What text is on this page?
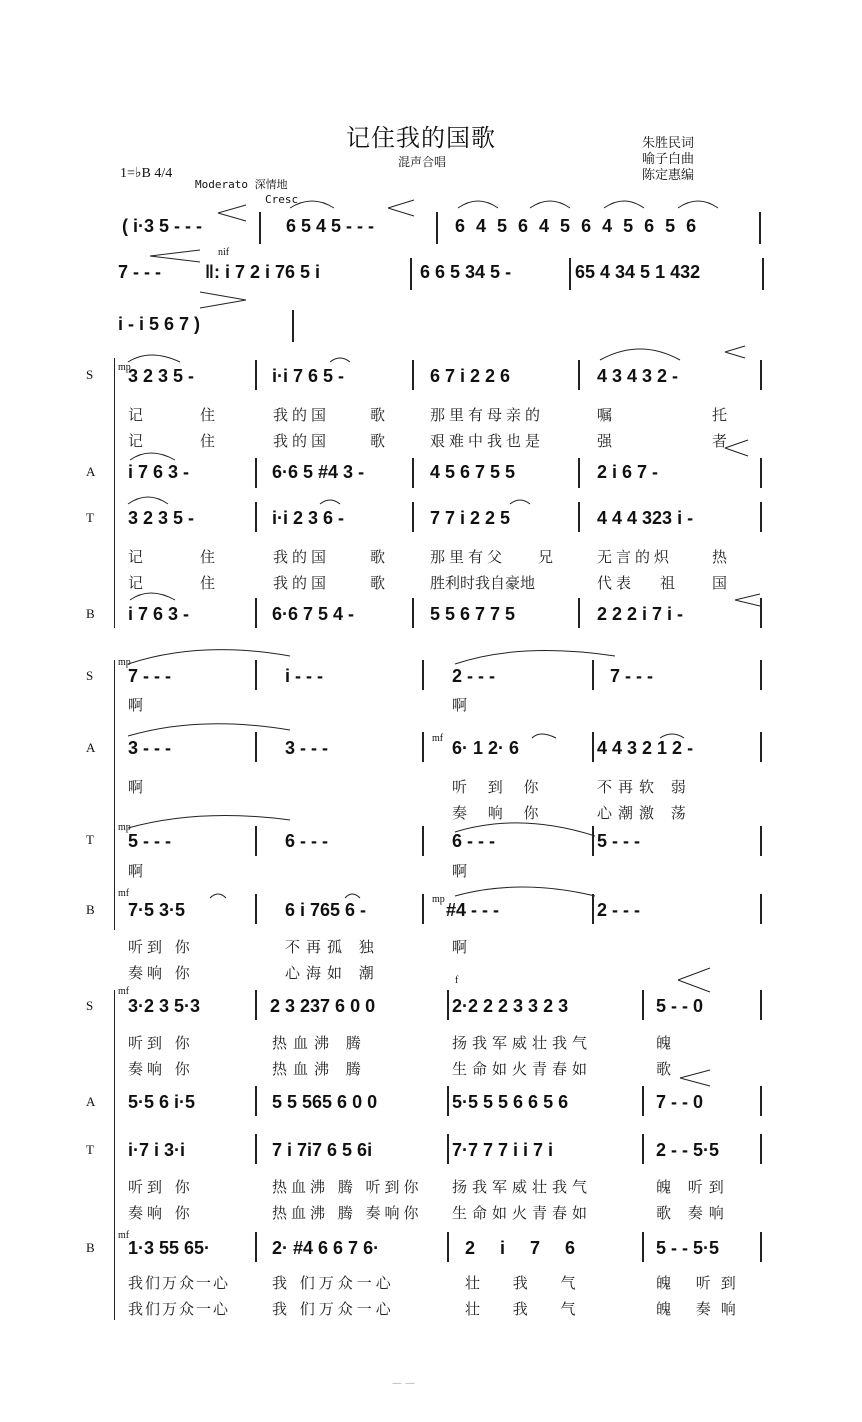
记住我的国歌
混声合唱
朱胜民词
喻子白曲
陈定惠编
1=♭B 4/4
Moderato 深情地
Cresc
( i·3 5 - - -	6 5 4 5 - - -	6 4 5 6 4 5 6 4 5 6 5 6
nif
7 - - - ‖: i 7 2 i 76 5 i	6 6 5 34 5 -	65 4 34 5 1 432
i - i 5 6 7 )
S mp
3 2 3 5 -	i·i 7 6 5 -	6 7 i 2 2 6	4 3 4 3 2 -
记	住	我的国	歌	那里有母亲的	嘱	托
记	住	我的国	歌	艰难中我也是	强	者
A i 7 6 3 -	6·6 5 #4 3 -	4 5 6 7 5 5	2 i 6 7 -
T 3 2 3 5 -	i·i 2 3 6 -	7 7 i 2 2 5	4 4 4 323 i -
记	住	我的国	歌	那里有父 兄	无言的炽	热
记	住	我的国	歌	胜利时我自豪地	代表 祖 国
B i 7 6 3 -	6·6 7 5 4 -	5 5 6 7 7 5	2 2 2 i 7 i -
S
mp
7 - - -	i - - -	2 - - -	7 - - -
啊	啊
A
mf
3 - - -	3 - - -	6· 1 2· 6	4 4 3 2 1 2 -
啊	听 到 你	不再软 弱
奏 响 你	心潮激 荡
T
mp
5 - - -	6 - - -	6 - - -	5 - - -
啊	啊
B
mf
mp
7·5 3·5	6 i 765 6 -	#4 - - -	2 - - -
听到 你	不再孤 独	啊
奏响 你	心海如 潮
S
mf
f
3·2 3 5·3	2 3 237 6 0 0	2·2 2 2 3 3 2 3	5 - - 0
听到 你	热血沸 腾	扬我军威壮我气	魄
奏响 你	热血沸 腾	生命如火青春如	歌
A 5·5 6 i·5	5 5 565 6 0 0	5·5 5 5 6 6 5 6	7 - - 0
T i·7 i 3·i	7 i 7i7 6 5 6i	7·7 7 7 i i 7 i	2 - - 5·5
听到 你	热血沸 腾 听到你 扬我军威壮我气	魄 听到
奏响 你	热血沸 腾 奏响你 生命如火青春如	歌 奏响
B
mf
1·3 55 65·	2· #4 6 6 7 6·	2 i 7 6	5 - - 5·5
我们万众一心	我 们万众一心	壮 我 气	魄 听到
我们万众一心	我 们万众一心	壮 我 气	魄 奏响
— —
